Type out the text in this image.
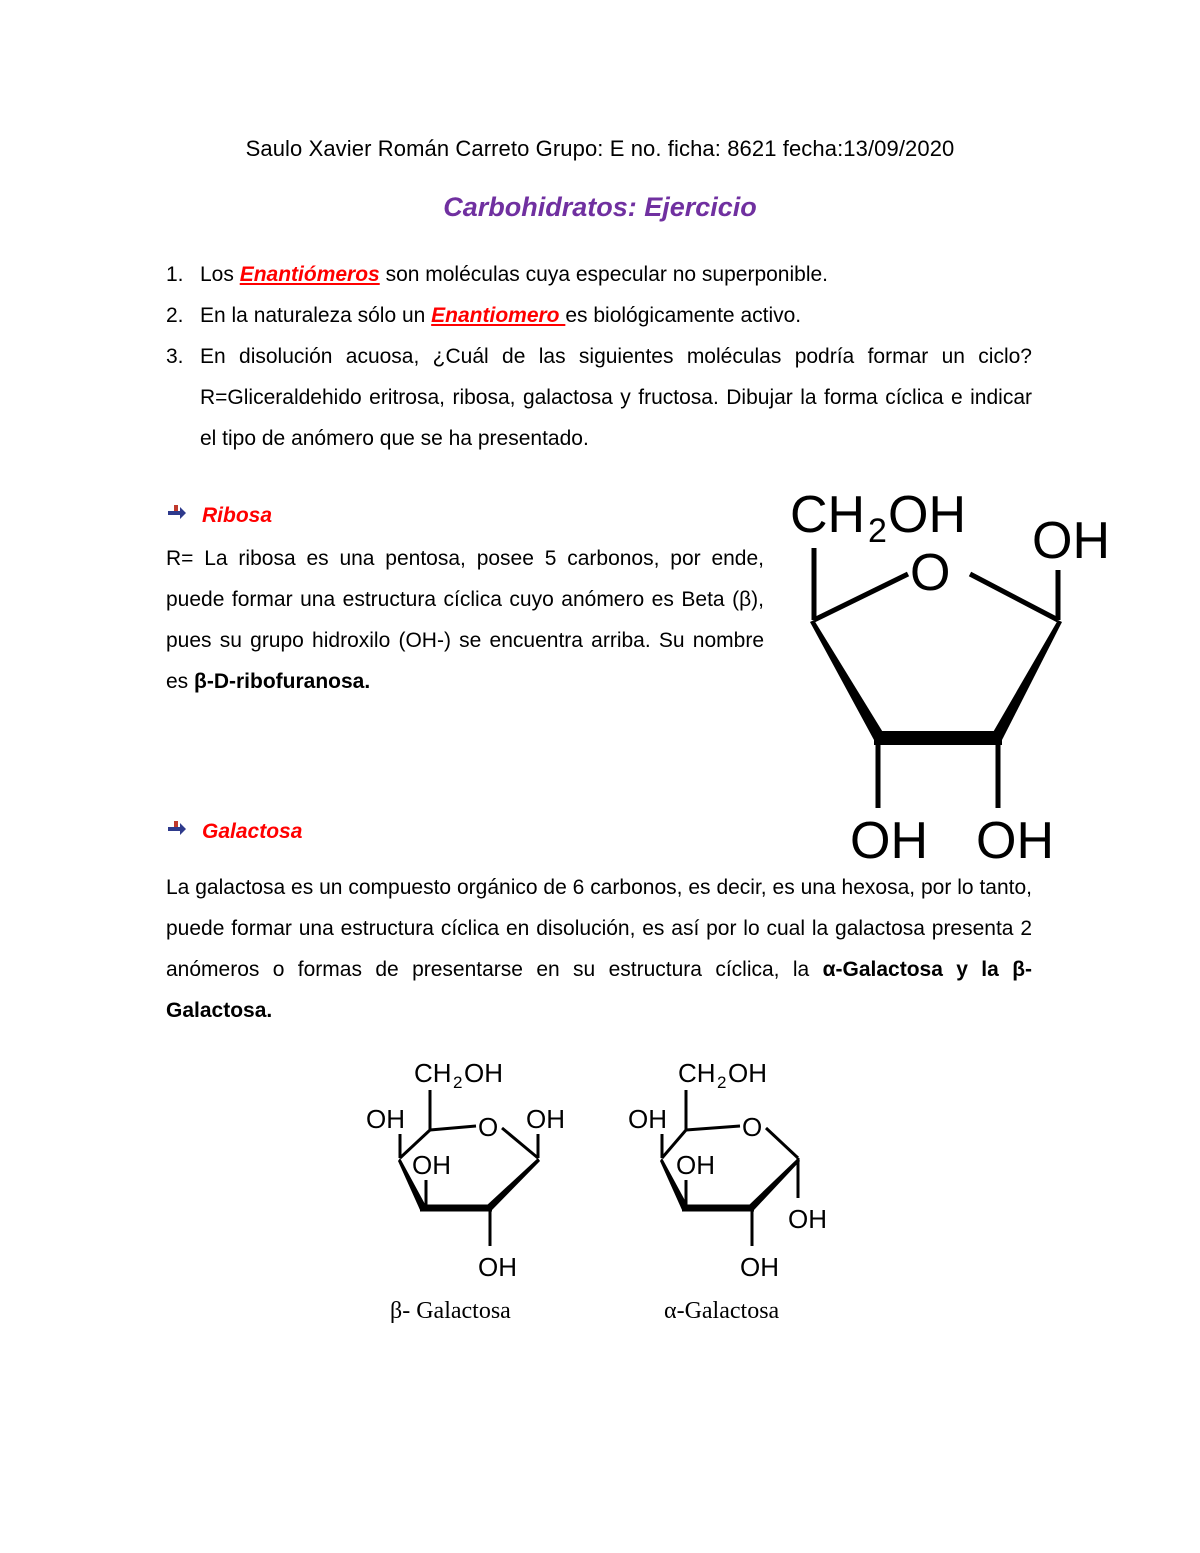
Saulo Xavier Román Carreto Grupo: E no. ficha: 8621 fecha:13/09/2020
Carbohidratos: Ejercicio
1. Los Enantiómeros son moléculas cuya especular no superponible.
2. En la naturaleza sólo un Enantiomero es biológicamente activo.
3. En disolución acuosa, ¿Cuál de las siguientes moléculas podría formar un ciclo? R=Gliceraldehido eritrosa, ribosa, galactosa y fructosa. Dibujar la forma cíclica e indicar el tipo de anómero que se ha presentado.
Ribosa
R= La ribosa es una pentosa, posee 5 carbonos, por ende, puede formar una estructura cíclica cuyo anómero es Beta (β), pues su grupo hidroxilo (OH-) se encuentra arriba. Su nombre es β-D-ribofuranosa.
CH 2 OH OH
O
OH OH
Galactosa
La galactosa es un compuesto orgánico de 6 carbonos, es decir, es una hexosa, por lo tanto, puede formar una estructura cíclica en disolución, es así por lo cual la galactosa presenta 2 anómeros o formas de presentarse en su estructura cíclica, la α-Galactosa y la β-Galactosa.
CH 2 OH
OH	O OH
OH
OH
β- Galactosa
CH 2 OH
OH	O
OH
OH
OH
α-Galactosa
